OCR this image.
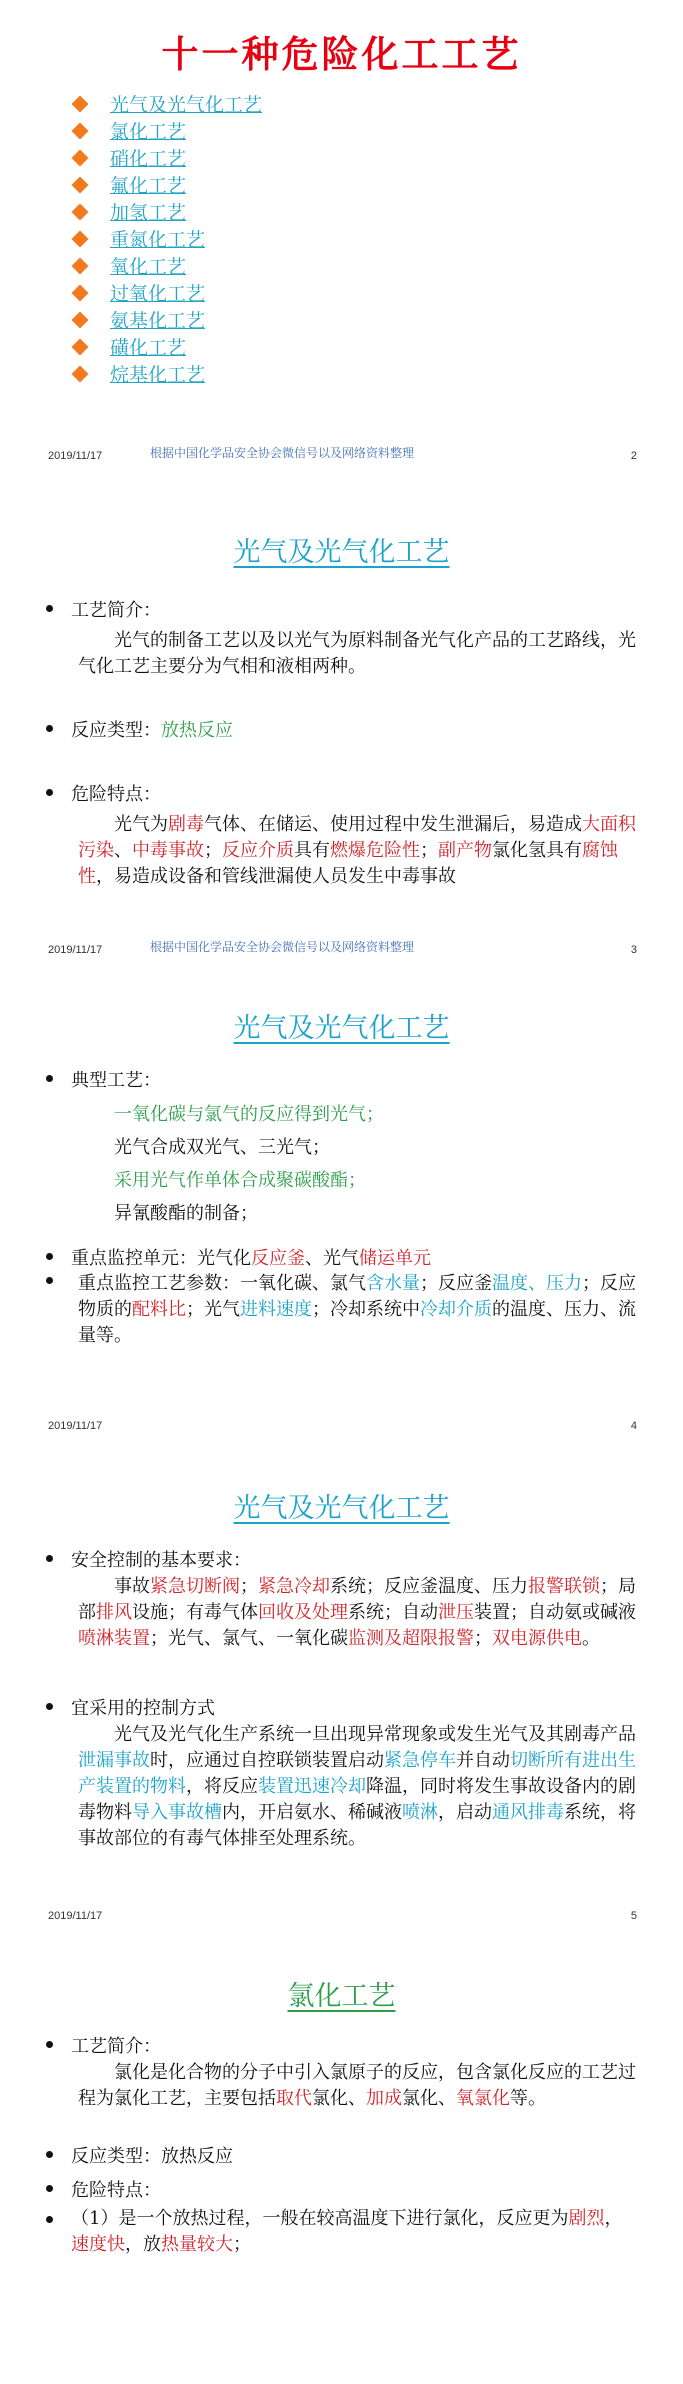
十一种危险化工工艺
光气及光气化工艺
氯化工艺
硝化工艺
氟化工艺
加氢工艺
重氮化工艺
氧化工艺
过氧化工艺
氨基化工艺
磺化工艺
烷基化工艺
2019/11/17	根据中国化学品安全协会微信号以及网络资料整理	2
光气及光气化工艺
工艺简介：
光气的制备工艺以及以光气为原料制备光气化产品的工艺路线，光气化工艺主要分为气相和液相两种。
反应类型： 放热反应
危险特点：
光气为剧毒气体、在储运、使用过程中发生泄漏后，易造成大面积污染、中毒事故；反应介质具有燃爆危险性；副产物氯化氢具有腐蚀性，易造成设备和管线泄漏使人员发生中毒事故
2019/11/17	根据中国化学品安全协会微信号以及网络资料整理	3
光气及光气化工艺
典型工艺：
一氧化碳与氯气的反应得到光气；
光气合成双光气、三光气；
采用光气作单体合成聚碳酸酯；
异氰酸酯的制备；
重点监控单元： 光气化反应釜、光气储运单元
重点监控工艺参数：一氧化碳、氯气含水量；反应釜温度、压力；反应物质的配料比；光气进料速度；冷却系统中冷却介质的温度、压力、流量等。
2019/11/17	4
光气及光气化工艺
安全控制的基本要求：
事故紧急切断阀；紧急冷却系统；反应釜温度、压力报警联锁；局部排风设施；有毒气体回收及处理系统；自动泄压装置；自动氨或碱液喷淋装置；光气、氯气、一氧化碳监测及超限报警；双电源供电。
宜采用的控制方式
光气及光气化生产系统一旦出现异常现象或发生光气及其剧毒产品泄漏事故时，应通过自控联锁装置启动紧急停车并自动切断所有进出生产装置的物料，将反应装置迅速冷却降温，同时将发生事故设备内的剧毒物料导入事故槽内，开启氨水、稀碱液喷淋，启动通风排毒系统，将事故部位的有毒气体排至处理系统。
2019/11/17	5
氯化工艺
工艺简介：
氯化是化合物的分子中引入氯原子的反应，包含氯化反应的工艺过程为氯化工艺，主要包括取代氯化、加成氯化、氧氯化等。
反应类型： 放热反应
危险特点：
（1）是一个放热过程，一般在较高温度下进行氯化，反应更为剧烈，速度快，放热量较大；
